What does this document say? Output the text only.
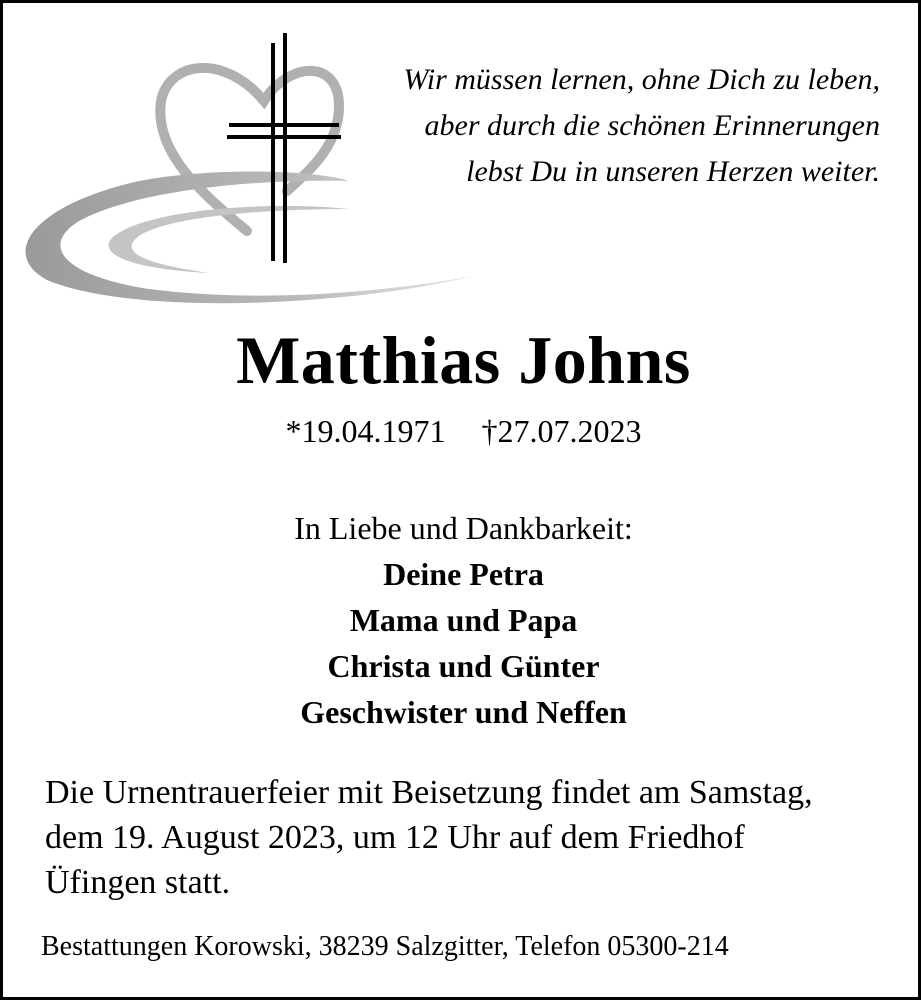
Wir müssen lernen, ohne Dich zu leben,
aber durch die schönen Erinnerungen
lebst Du in unseren Herzen weiter.
Matthias Johns
*19.04.1971 †27.07.2023
In Liebe und Dankbarkeit:
Deine Petra
Mama und Papa
Christa und Günter
Geschwister und Neffen
Die Urnentrauerfeier mit Beisetzung findet am Samstag,
dem 19. August 2023, um 12 Uhr auf dem Friedhof
Üfingen statt.
Bestattungen Korowski, 38239 Salzgitter, Telefon 05300-214
